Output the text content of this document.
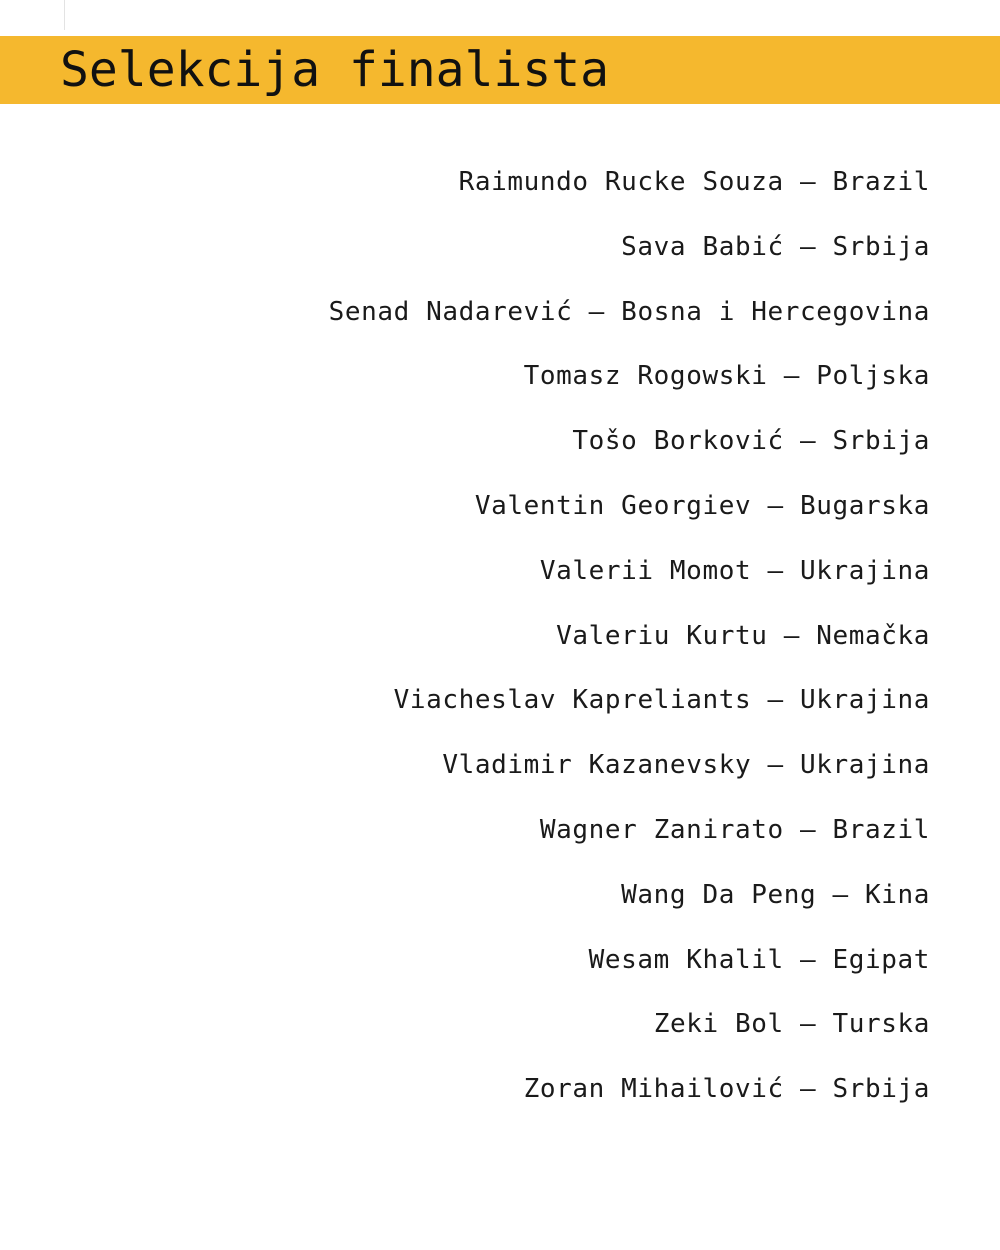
Selekcija finalista
Raimundo Rucke Souza – Brazil
Sava Babić – Srbija
Senad Nadarević – Bosna i Hercegovina
Tomasz Rogowski – Poljska
Tošo Borković – Srbija
Valentin Georgiev – Bugarska
Valerii Momot – Ukrajina
Valeriu Kurtu – Nemačka
Viacheslav Kapreliants – Ukrajina
Vladimir Kazanevsky – Ukrajina
Wagner Zanirato – Brazil
Wang Da Peng – Kina
Wesam Khalil – Egipat
Zeki Bol – Turska
Zoran Mihailović – Srbija
